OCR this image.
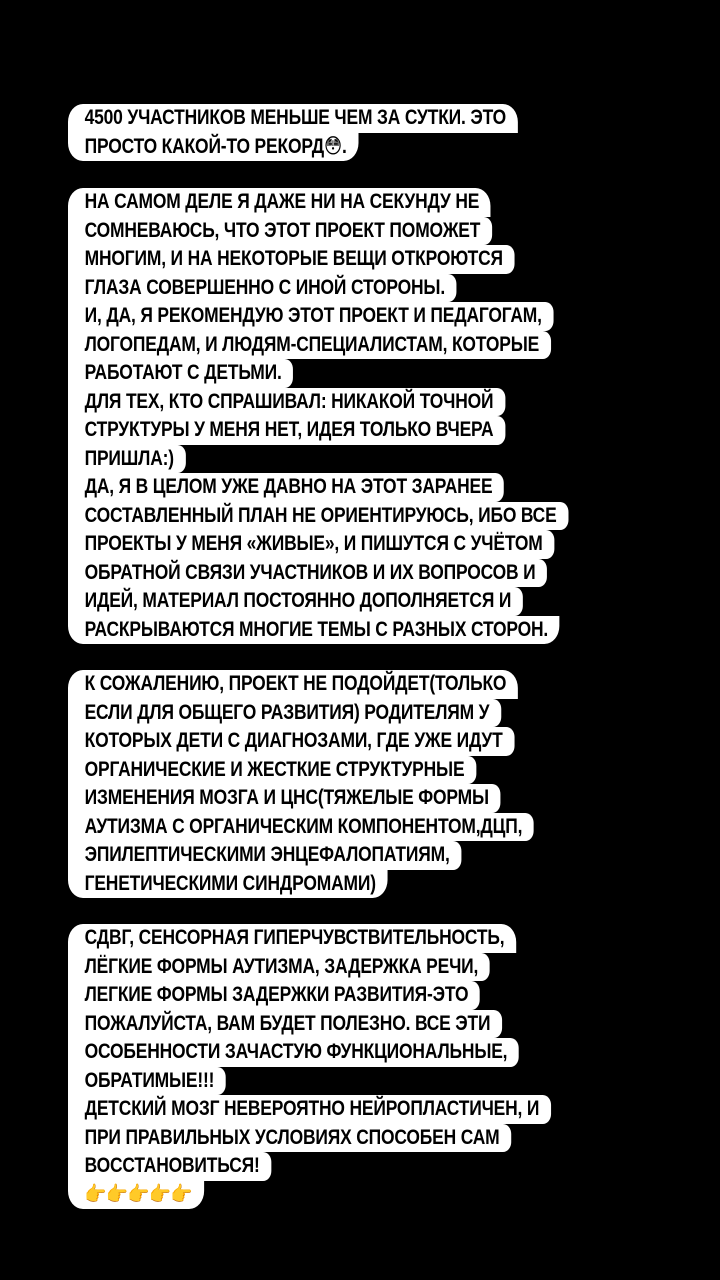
4500 УЧАСТНИКОВ МЕНЬШЕ ЧЕМ ЗА СУТКИ. ЭТО
ПРОСТО КАКОЙ-ТО РЕКОРД😳.
НА САМОМ ДЕЛЕ Я ДАЖЕ НИ НА СЕКУНДУ НЕ
СОМНЕВАЮСЬ, ЧТО ЭТОТ ПРОЕКТ ПОМОЖЕТ
МНОГИМ, И НА НЕКОТОРЫЕ ВЕЩИ ОТКРОЮТСЯ
ГЛАЗА СОВЕРШЕННО С ИНОЙ СТОРОНЫ.
И, ДА, Я РЕКОМЕНДУЮ ЭТОТ ПРОЕКТ И ПЕДАГОГАМ,
ЛОГОПЕДАМ, И ЛЮДЯМ-СПЕЦИАЛИСТАМ, КОТОРЫЕ
РАБОТАЮТ С ДЕТЬМИ.
ДЛЯ ТЕХ, КТО СПРАШИВАЛ: НИКАКОЙ ТОЧНОЙ
СТРУКТУРЫ У МЕНЯ НЕТ, ИДЕЯ ТОЛЬКО ВЧЕРА
ПРИШЛА:)
ДА, Я В ЦЕЛОМ УЖЕ ДАВНО НА ЭТОТ ЗАРАНЕЕ
СОСТАВЛЕННЫЙ ПЛАН НЕ ОРИЕНТИРУЮСЬ, ИБО ВСЕ
ПРОЕКТЫ У МЕНЯ «ЖИВЫЕ», И ПИШУТСЯ С УЧЁТОМ
ОБРАТНОЙ СВЯЗИ УЧАСТНИКОВ И ИХ ВОПРОСОВ И
ИДЕЙ, МАТЕРИАЛ ПОСТОЯННО ДОПОЛНЯЕТСЯ И
РАСКРЫВАЮТСЯ МНОГИЕ ТЕМЫ С РАЗНЫХ СТОРОН.
К СОЖАЛЕНИЮ, ПРОЕКТ НЕ ПОДОЙДЕТ(ТОЛЬКО
ЕСЛИ ДЛЯ ОБЩЕГО РАЗВИТИЯ) РОДИТЕЛЯМ У
КОТОРЫХ ДЕТИ С ДИАГНОЗАМИ, ГДЕ УЖЕ ИДУТ
ОРГАНИЧЕСКИЕ И ЖЕСТКИЕ СТРУКТУРНЫЕ
ИЗМЕНЕНИЯ МОЗГА И ЦНС(ТЯЖЕЛЫЕ ФОРМЫ
АУТИЗМА С ОРГАНИЧЕСКИМ КОМПОНЕНТОМ,ДЦП,
ЭПИЛЕПТИЧЕСКИМИ ЭНЦЕФАЛОПАТИЯМ,
ГЕНЕТИЧЕСКИМИ СИНДРОМАМИ)
СДВГ, СЕНСОРНАЯ ГИПЕРЧУВСТВИТЕЛЬНОСТЬ,
ЛЁГКИЕ ФОРМЫ АУТИЗМА, ЗАДЕРЖКА РЕЧИ,
ЛЕГКИЕ ФОРМЫ ЗАДЕРЖКИ РАЗВИТИЯ-ЭТО
ПОЖАЛУЙСТА, ВАМ БУДЕТ ПОЛЕЗНО. ВСЕ ЭТИ
ОСОБЕННОСТИ ЗАЧАСТУЮ ФУНКЦИОНАЛЬНЫЕ,
ОБРАТИМЫЕ!!!
ДЕТСКИЙ МОЗГ НЕВЕРОЯТНО НЕЙРОПЛАСТИЧЕН, И
ПРИ ПРАВИЛЬНЫХ УСЛОВИЯХ СПОСОБЕН САМ
ВОССТАНОВИТЬСЯ!
👉👉👉👉👉
